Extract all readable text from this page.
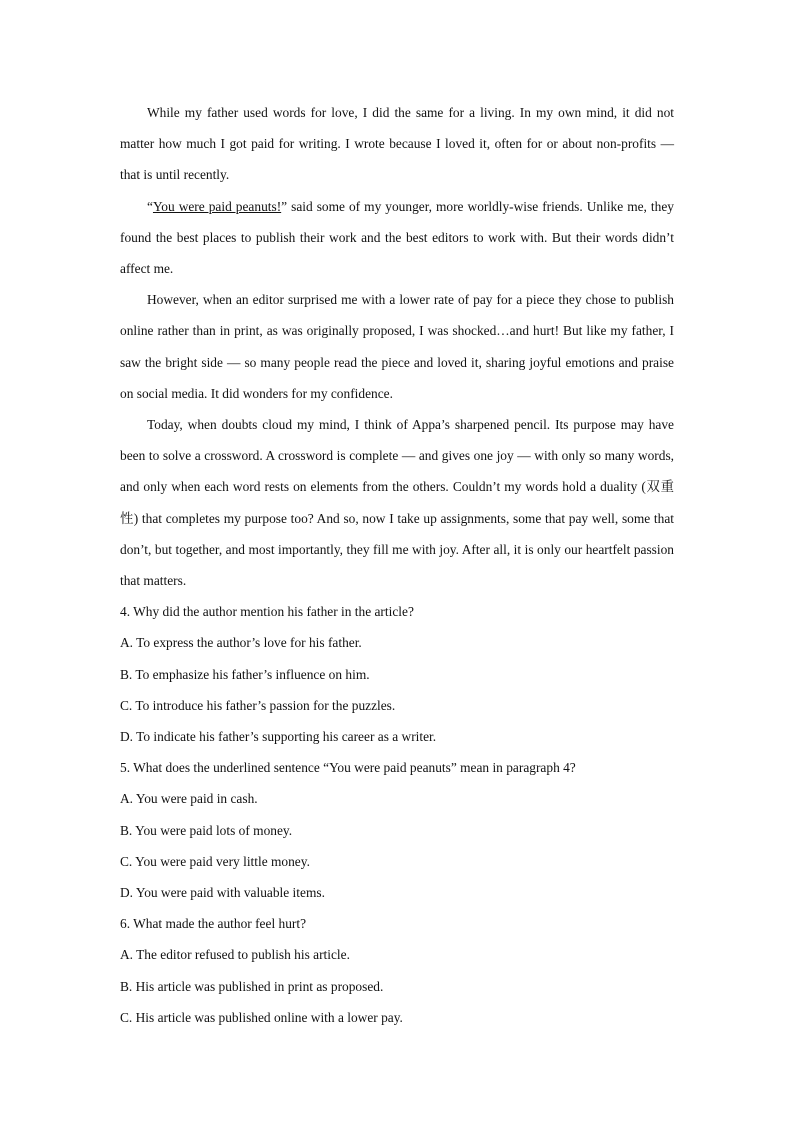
While my father used words for love, I did the same for a living. In my own mind, it did not matter how much I got paid for writing. I wrote because I loved it, often for or about non-profits — that is until recently.

“You were paid peanuts!” said some of my younger, more worldly-wise friends. Unlike me, they found the best places to publish their work and the best editors to work with. But their words didn’t affect me.

However, when an editor surprised me with a lower rate of pay for a piece they chose to publish online rather than in print, as was originally proposed, I was shocked…and hurt! But like my father, I saw the bright side — so many people read the piece and loved it, sharing joyful emotions and praise on social media. It did wonders for my confidence.

Today, when doubts cloud my mind, I think of Appa’s sharpened pencil. Its purpose may have been to solve a crossword. A crossword is complete — and gives one joy — with only so many words, and only when each word rests on elements from the others. Couldn’t my words hold a duality (双重性) that completes my purpose too? And so, now I take up assignments, some that pay well, some that don’t, but together, and most importantly, they fill me with joy. After all, it is only our heartfelt passion that matters.

4. Why did the author mention his father in the article?

A. To express the author’s love for his father.

B. To emphasize his father’s influence on him.

C. To introduce his father’s passion for the puzzles.

D. To indicate his father’s supporting his career as a writer.

5. What does the underlined sentence “You were paid peanuts” mean in paragraph 4?

A. You were paid in cash.

B. You were paid lots of money.

C. You were paid very little money.

D. You were paid with valuable items.

6. What made the author feel hurt?

A. The editor refused to publish his article.

B. His article was published in print as proposed.

C. His article was published online with a lower pay.
